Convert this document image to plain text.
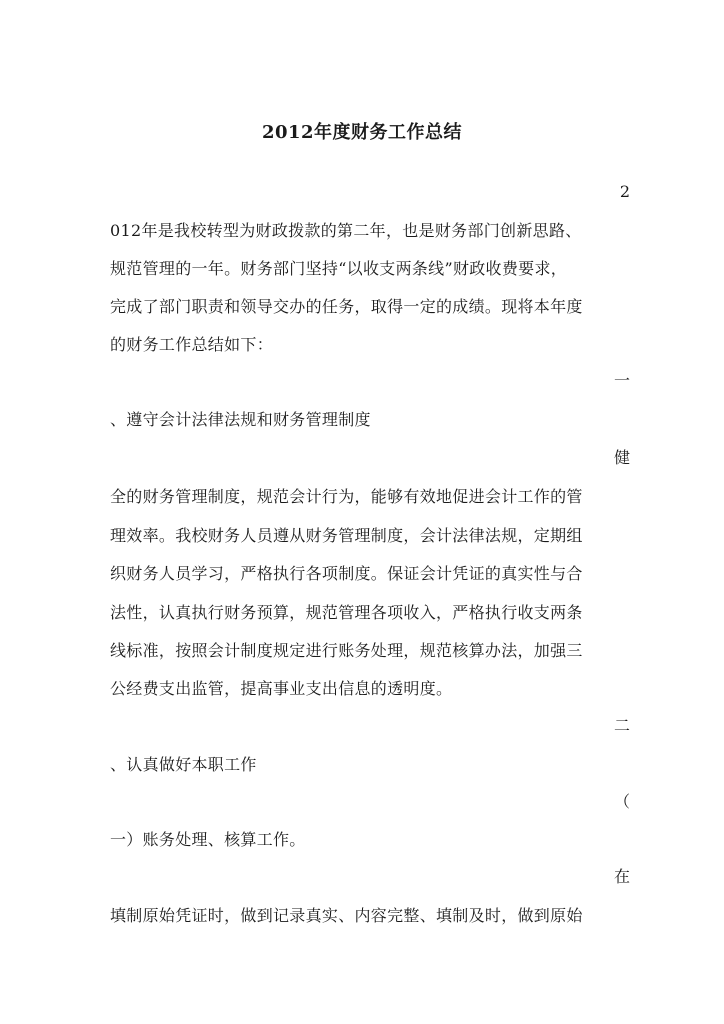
2012年度财务工作总结
2
012年是我校转型为财政拨款的第二年，也是财务部门创新思路、
规范管理的一年。财务部门坚持“以收支两条线”财政收费要求，
完成了部门职责和领导交办的任务，取得一定的成绩。现将本年度
的财务工作总结如下：
一
、遵守会计法律法规和财务管理制度
健
全的财务管理制度，规范会计行为，能够有效地促进会计工作的管
理效率。我校财务人员遵从财务管理制度，会计法律法规，定期组
织财务人员学习，严格执行各项制度。保证会计凭证的真实性与合
法性，认真执行财务预算，规范管理各项收入，严格执行收支两条
线标准，按照会计制度规定进行账务处理，规范核算办法，加强三
公经费支出监管，提高事业支出信息的透明度。
二
、认真做好本职工作
（
一）账务处理、核算工作。
在
填制原始凭证时，做到记录真实、内容完整、填制及时，做到原始
